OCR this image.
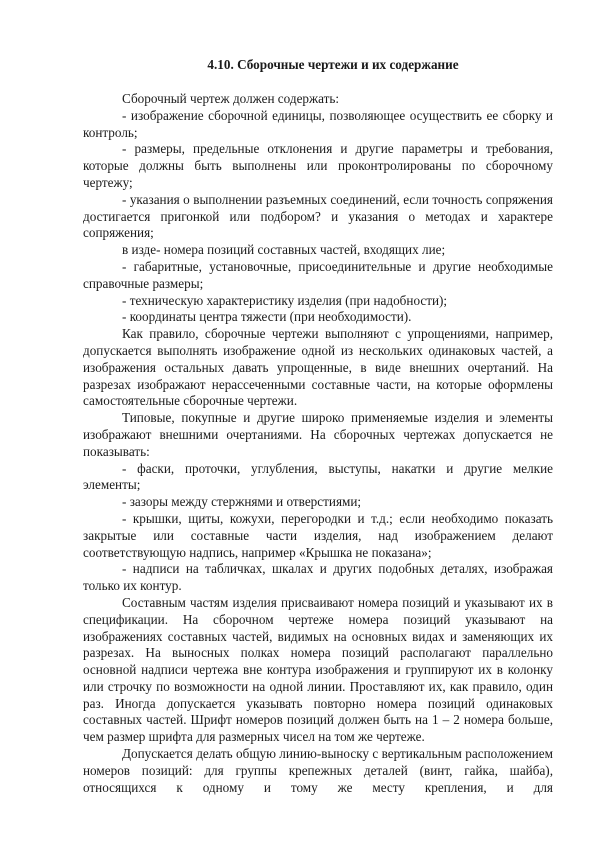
4.10. Сборочные чертежи и их содержание

Сборочный чертеж должен содержать:

- изображение сборочной единицы, позволяющее осуществить ее сборку и контроль;

- размеры, предельные отклонения и другие параметры и требования, которые должны быть выполнены или проконтролированы по сборочному чертежу;

- указания о выполнении разъемных соединений, если точность сопряжения достигается пригонкой или подбором? и указания о методах и характере сопряжения;

в изде- номера позиций составных частей, входящих лие;

- габаритные, установочные, присоединительные и другие необходимые справочные размеры;

- техническую характеристику изделия (при надобности);

- координаты центра тяжести (при необходимости).

Как правило, сборочные чертежи выполняют с упрощениями, например, допускается выполнять изображение одной из нескольких одинаковых частей, а изображения остальных давать упрощенные, в виде внешних очертаний. На разрезах изображают нерассеченными составные части, на которые оформлены самостоятельные сборочные чертежи.

Типовые, покупные и другие широко применяемые изделия и элементы изображают внешними очертаниями. На сборочных чертежах допускается не показывать:

- фаски, проточки, углубления, выступы, накатки и другие мелкие элементы;

- зазоры между стержнями и отверстиями;

- крышки, щиты, кожухи, перегородки и т.д.; если необходимо показать закрытые или составные части изделия, над изображением делают соответствующую надпись, например «Крышка не показана»;

- надписи на табличках, шкалах и других подобных деталях, изображая только их контур.

Составным частям изделия присваивают номера позиций и указывают их в спецификации. На сборочном чертеже номера позиций указывают на изображениях составных частей, видимых на основных видах и заменяющих их разрезах. На выносных полках номера позиций располагают параллельно основной надписи чертежа вне контура изображения и группируют их в колонку или строчку по возможности на одной линии. Проставляют их, как правило, один раз. Иногда допускается указывать повторно номера позиций одинаковых составных частей. Шрифт номеров позиций должен быть на 1 – 2 номера больше, чем размер шрифта для размерных чисел на том же чертеже.

Допускается делать общую линию-выноску с вертикальным расположением номеров позиций: для группы крепежных деталей (винт, гайка, шайба), относящихся к одному и тому же месту крепления, и для
